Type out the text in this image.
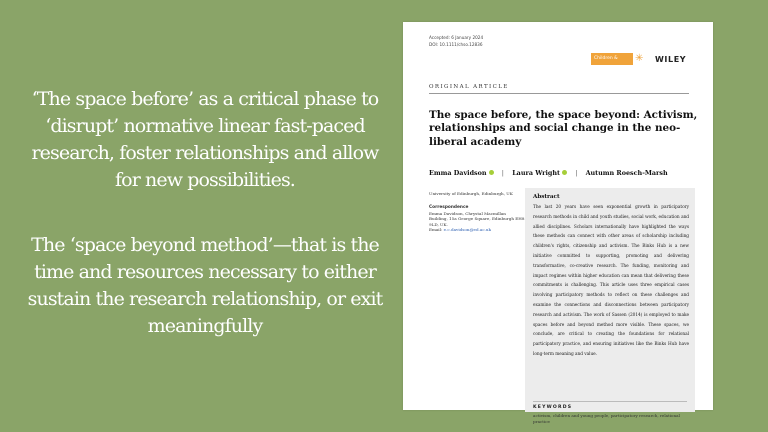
‘The space before’ as a critical phase to ‘disrupt’ normative linear fast-paced research, foster relationships and allow for new possibilities.
The ‘space beyond method’—that is the time and resources necessary to either sustain the research relationship, or exit meaningfully
Accepted: 6 January 2024
DOI: 10.1111/chso.12836
Children & Society
✳ WILEY
ORIGINAL ARTICLE
The space before, the space beyond: Activism, relationships and social change in the neo-liberal academy
Emma Davidson | Laura Wright | Autumn Roesch-Marsh
University of Edinburgh, Edinburgh, UK
Correspondence
Emma Davidson, Chrystal Macmillan Building, 15a George Square, Edinburgh EH8 9LD, UK.
Email: e.c.davidson@ed.ac.uk
Abstract
The last 20 years have seen exponential growth in participatory research methods in child and youth studies, social work, education and allied disciplines. Scholars internationally have highlighted the ways these methods can connect with other areas of scholarship including children's rights, citizenship and activism. The Binks Hub is a new initiative committed to supporting, promoting and delivering transformative, co-creative research. The funding, monitoring and impact regimes within higher education can mean that delivering these commitments is challenging. This article uses three empirical cases involving participatory methods to reflect on these challenges and examine the connections and disconnections between participatory research and activism. The work of Sassen (2014) is employed to make spaces before and beyond method more visible. These spaces, we conclude, are critical to creating the foundations for relational participatory practice, and ensuring initiatives like the Binks Hub have long-term meaning and value.
KEYWORDS
activism, children and young people, participatory research, relational practice
